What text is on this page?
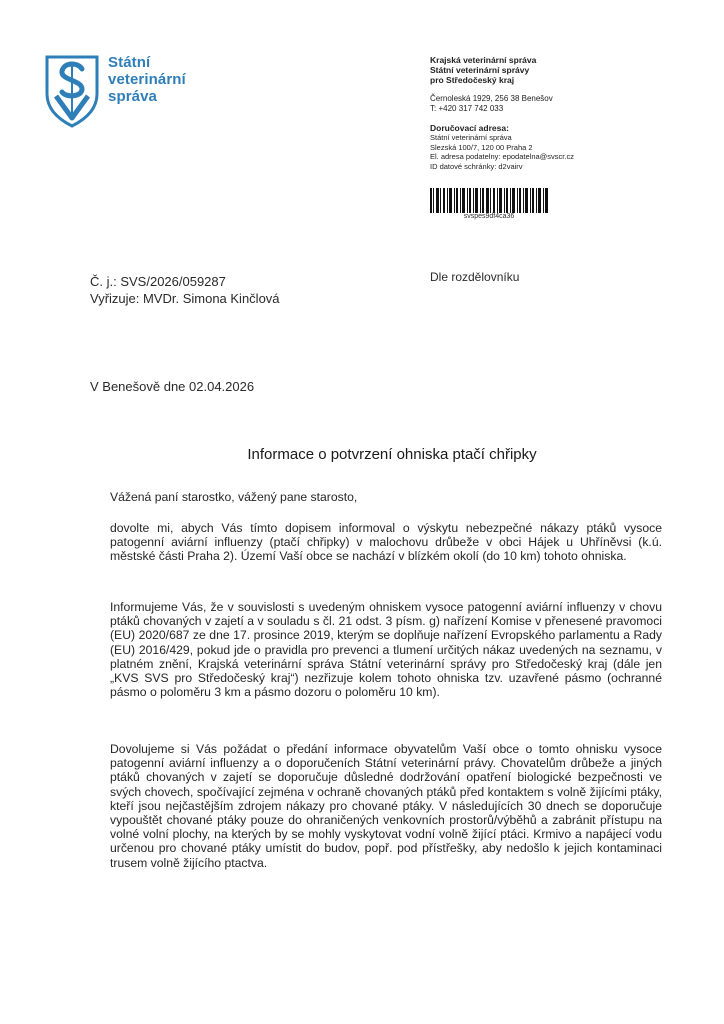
Státní
veterinární
správa
Krajská veterinární správa
Státní veterinární správy
pro Středočeský kraj
Černoleská 1929, 256 38 Benešov
T: +420 317 742 033
Doručovací adresa:
Státní veterinární správa
Slezská 100/7, 120 00 Praha 2
El. adresa podatelny: epodatelna@svscr.cz
ID datové schránky: d2vairv
svspes9df4ca36
Č. j.: SVS/2026/059287
Vyřizuje: MVDr. Simona Kinčlová
Dle rozdělovníku
V Benešově dne 02.04.2026
Informace o potvrzení ohniska ptačí chřipky
Vážená paní starostko, vážený pane starosto,
dovolte mi, abych Vás tímto dopisem informoval o výskytu nebezpečné nákazy ptáků vysoce patogenní aviární influenzy (ptačí chřipky) v malochovu drůbeže v obci Hájek u Uhříněvsi (k.ú. městské části Praha 2). Území Vaší obce se nachází v blízkém okolí (do 10 km) tohoto ohniska.
Informujeme Vás, že v souvislosti s uvedeným ohniskem vysoce patogenní aviární influenzy v chovu ptáků chovaných v zajetí a v souladu s čl. 21 odst. 3 písm. g) nařízení Komise v přenesené pravomoci (EU) 2020/687 ze dne 17. prosince 2019, kterým se doplňuje nařízení Evropského parlamentu a Rady (EU) 2016/429, pokud jde o pravidla pro prevenci a tlumení určitých nákaz uvedených na seznamu, v platném znění, Krajská veterinární správa Státní veterinární správy pro Středočeský kraj (dále jen „KVS SVS pro Středočeský kraj“) nezřizuje kolem tohoto ohniska tzv. uzavřené pásmo (ochranné pásmo o poloměru 3 km a pásmo dozoru o poloměru 10 km).
Dovolujeme si Vás požádat o předání informace obyvatelům Vaší obce o tomto ohnisku vysoce patogenní aviární influenzy a o doporučeních Státní veterinární právy. Chovatelům drůbeže a jiných ptáků chovaných v zajetí se doporučuje důsledné dodržování opatření biologické bezpečnosti ve svých chovech, spočívající zejména v ochraně chovaných ptáků před kontaktem s volně žijícími ptáky, kteří jsou nejčastějším zdrojem nákazy pro chované ptáky. V následujících 30 dnech se doporučuje vypouštět chované ptáky pouze do ohraničených venkovních prostorů/výběhů a zabránit přístupu na volné volní plochy, na kterých by se mohly vyskytovat vodní volně žijící ptáci. Krmivo a napájecí vodu určenou pro chované ptáky umístit do budov, popř. pod přístřešky, aby nedošlo k jejich kontaminaci trusem volně žijícího ptactva.
